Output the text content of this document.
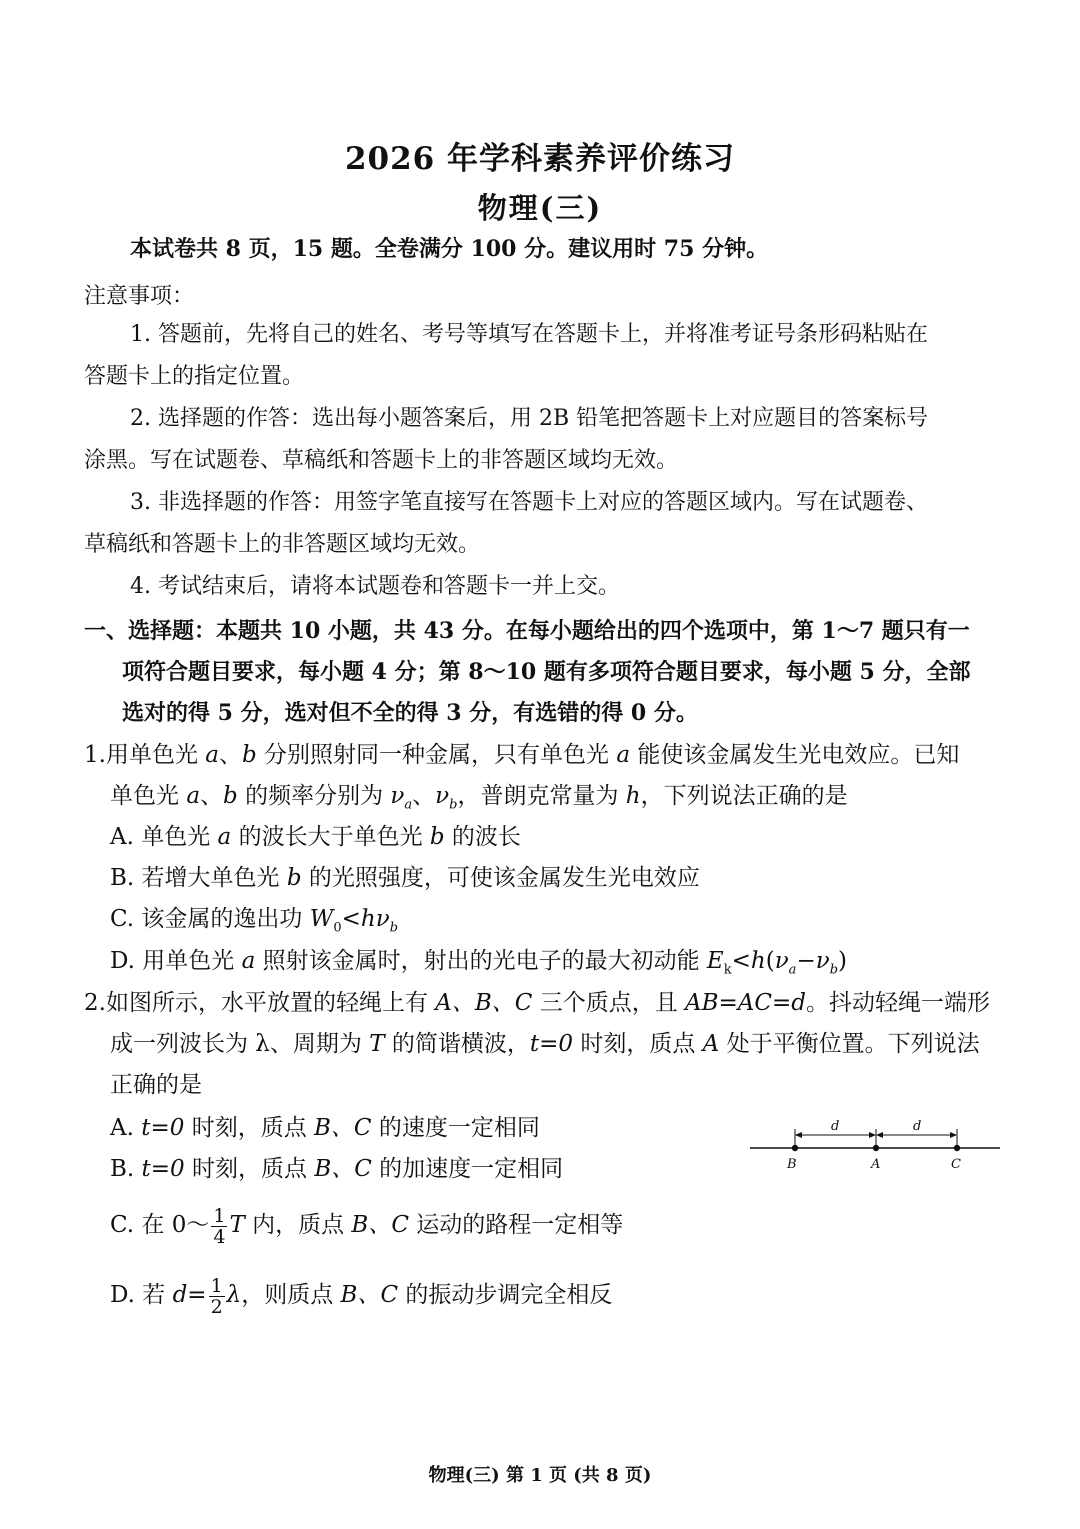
2026 年学科素养评价练习
物理(三)
本试卷共 8 页，15 题。全卷满分 100 分。建议用时 75 分钟。
注意事项：
1. 答题前，先将自己的姓名、考号等填写在答题卡上，并将准考证号条形码粘贴在
答题卡上的指定位置。
2. 选择题的作答：选出每小题答案后，用 2B 铅笔把答题卡上对应题目的答案标号
涂黑。写在试题卷、草稿纸和答题卡上的非答题区域均无效。
3. 非选择题的作答：用签字笔直接写在答题卡上对应的答题区域内。写在试题卷、
草稿纸和答题卡上的非答题区域均无效。
4. 考试结束后，请将本试题卷和答题卡一并上交。
一、选择题：本题共 10 小题，共 43 分。在每小题给出的四个选项中，第 1～7 题只有一
项符合题目要求，每小题 4 分；第 8～10 题有多项符合题目要求，每小题 5 分，全部
选对的得 5 分，选对但不全的得 3 分，有选错的得 0 分。
1.用单色光 a、b 分别照射同一种金属，只有单色光 a 能使该金属发生光电效应。已知
单色光 a、b 的频率分别为 $\nu_a$、$\nu_b$，普朗克常量为 h，下列说法正确的是
A. 单色光 a 的波长大于单色光 b 的波长
B. 若增大单色光 b 的光照强度，可使该金属发生光电效应
C. 该金属的逸出功 $W_0<h\nu_b$
D. 用单色光 a 照射该金属时，射出的光电子的最大初动能 $E_k<h(\nu_a-\nu_b)$
2.如图所示，水平放置的轻绳上有 A、B、C 三个质点，且 AB=AC=d。抖动轻绳一端形
成一列波长为 λ、周期为 T 的简谐横波，t=0 时刻，质点 A 处于平衡位置。下列说法
正确的是
A. t=0 时刻，质点 B、C 的速度一定相同
B. t=0 时刻，质点 B、C 的加速度一定相同
C. 在 0～ $\frac{1}{4}$ T 内，质点 B、C 运动的路程一定相等
D. 若 $d= \frac{1}{2}$ λ，则质点 B、C 的振动步调完全相反
d	d
B	A	C
物理(三) 第 1 页 (共 8 页)
